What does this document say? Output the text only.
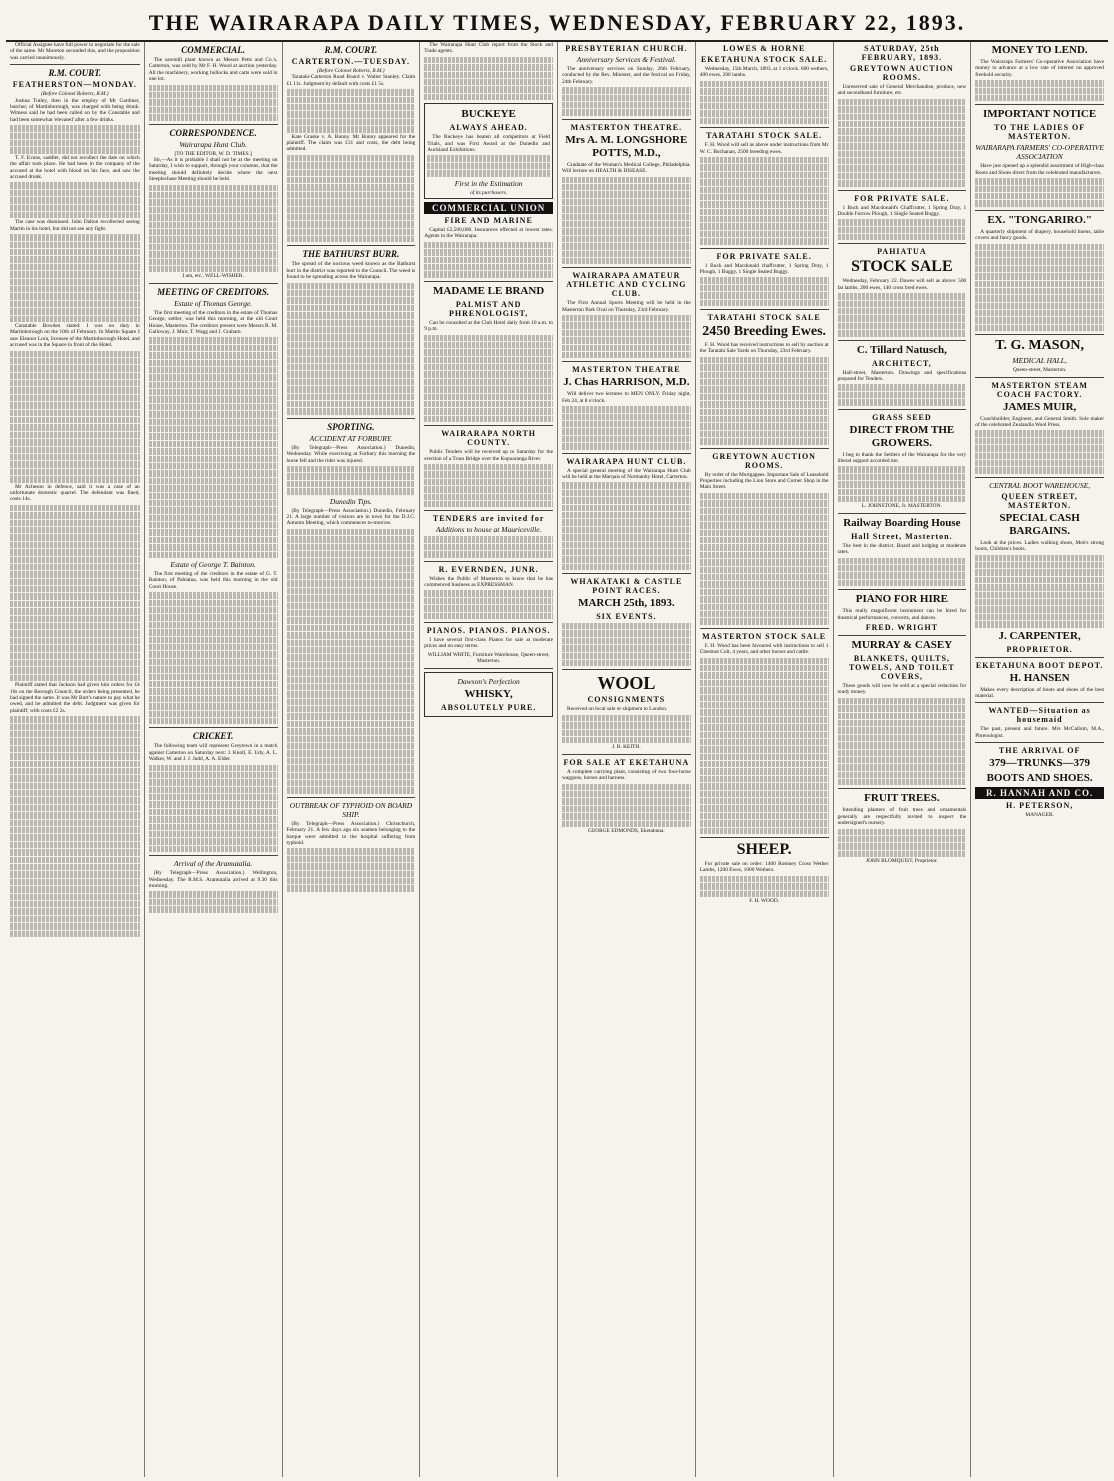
THE WAIRARAPA DAILY TIMES, WEDNESDAY, FEBRUARY 22, 1893.

Official Assignee have full power to negotiate for the sale of the same. Mr Moreton seconded this, and the proposition was carried unanimously.

R.M. COURT.
FEATHERSTON—MONDAY.
(Before Colonel Roberts, R.M.)

Joshua Tutley, then in the employ of Mr Gardiner, butcher, of Martinborough, was charged with being drunk. Witness said he had been called on by the Constable and had been somewhat 'elevated' after a few drinks.

T. F. Evans, saddler, did not recollect the date on which the affair took place. He had been in the company of the accused at the hotel with blood on his face, and saw the accused drunk.

The case was dismissed. John Dalton recollected seeing Martin in his hotel, but did not see any fight.

Constable Bowden stated: I was on duty in Martinborough on the 10th of February. In Martin Square I saw Eleanor Lora, licensee of the Martinborough Hotel, and accused was in the Square in front of the Hotel.

Mr Acheson in defence, said it was a case of an unfortunate domestic quarrel. The defendant was fined, costs 14s.

Plaintiff stated that Jackson had given him orders for £4 10s on the Borough Council, the orders being presented, he had signed the same. It was Mr Burt's nature to pay what he owed, and he admitted the debt. Judgment was given for plaintiff, with costs £2 2s.

COMMERCIAL.

The sawmill plant known as Messrs Petts and Co.'s, Carterton, was sold by Mr F. H. Wood at auction yesterday. All the machinery, working bullocks and carts were sold in one lot.

CORRESPONDENCE.
Wairarapa Hunt Club.
[TO THE EDITOR, W. D. TIMES.]

Sir,—As it is probable I shall not be at the meeting on Saturday, I wish to support, through your columns, that the meeting should definitely decide where the next Steeplechase Meeting should be held.

I am, etc., WELL-WISHER.
MEETING OF CREDITORS.
Estate of Thomas George.

The first meeting of the creditors in the estate of Thomas George, settler, was held this morning, at the old Court House, Masterton. The creditors present were Messrs R. M. Galloway, J. Muir, T. Wagg and J. Graham.

Estate of George T. Bainton.

The first meeting of the creditors in the estate of G. T. Bainton, of Pahiatua, was held this morning in the old Court House.

CRICKET.

The following team will represent Greytown in a match against Carterton on Saturday next: J. Knoll, E. Udy, A. L. Walker, W. and J. J. Judd, A. A. Elder.

Arrival of the Aramutalia.

(By Telegraph—Press Association.) Wellington, Wednesday. The R.M.S. Aramutalia arrived at 9.30 this morning.

R.M. COURT.
CARTERTON.—TUESDAY.
(Before Colonel Roberts, R.M.)

Taratahi-Carterton Road Board v. Walter Stanley. Claim £1 11s. Judgment by default with costs £1 5s.

Kate Graske v. A. Bunny. Mr Bunny appeared for the plaintiff. The claim was £31 and costs, the debt being admitted.

THE BATHURST BURR.

The spread of the noxious weed known as the Bathurst burr in the district was reported to the Council. The weed is found to be spreading across the Wairarapa.

SPORTING.
ACCIDENT AT FORBURY.

(By Telegraph—Press Association.) Dunedin, Wednesday. While exercising at Forbury this morning the horse fell and the rider was injured.

Dunedin Tips.

(By Telegraph—Press Association.) Dunedin, February 21. A large number of visitors are in town for the D.J.C. Autumn Meeting, which commences to-morrow.

OUTBREAK OF TYPHOID ON BOARD SHIP.

(By Telegraph—Press Association.) Christchurch, February 21. A few days ago six seamen belonging to the barque were admitted to the hospital suffering from typhoid.

The Wairarapa Hunt Club report from the Stock and Trade agents.

BUCKEYE
ALWAYS AHEAD.

The Buckeye has beaten all competitors at Field Trials, and was First Award at the Dunedin and Auckland Exhibitions.

First in the Estimation
of its purchasers.
COMMERCIAL UNION
FIRE AND MARINE

Capital £2,500,000. Insurances effected at lowest rates. Agents in the Wairarapa.

MADAME LE BRAND
PALMIST AND PHRENOLOGIST,

Can be consulted at the Club Hotel daily from 10 a.m. to 9 p.m.

WAIRARAPA NORTH COUNTY.

Public Tenders will be received up to Saturday for the erection of a Truss Bridge over the Kopuaranga River.

TENDERS are invited for
Additions to house at Mauriceville.
R. EVERNDEN, JUNR.

Wishes the Public of Masterton to know that he has commenced business as EXPRESSMAN.

PIANOS. PIANOS. PIANOS.

I have several first-class Pianos for sale at moderate prices and on easy terms.

WILLIAM WHITE, Furniture Warehouse, Queen-street, Masterton.
Dawson's Perfection
WHISKY,
ABSOLUTELY PURE.
PRESBYTERIAN CHURCH.
Anniversary Services & Festival.

The anniversary services on Sunday, 26th February, conducted by the Rev. Minister, and the festival on Friday, 24th February.

MASTERTON THEATRE.
Mrs A. M. LONGSHORE POTTS, M.D.,

Graduate of the Woman's Medical College, Philadelphia. Will lecture on HEALTH & DISEASE.

WAIRARAPA AMATEUR ATHLETIC AND CYCLING CLUB.

The First Annual Sports Meeting will be held in the Masterton Park Oval on Thursday, 23rd February.

MASTERTON THEATRE
J. Chas HARRISON, M.D.

Will deliver two lectures to MEN ONLY. Friday night, Feb 24, at 8 o'clock.

WAIRARAPA HUNT CLUB.

A special general meeting of the Wairarapa Hunt Club will be held at the Marquis of Normanby Hotel, Carterton.

WHAKATAKI & CASTLE POINT RACES.
MARCH 25th, 1893.
SIX EVENTS.
WOOL
CONSIGNMENTS

Received on local sale or shipment to London.

J. B. KEITH.
FOR SALE AT EKETAHUNA

A complete carrying plant, consisting of two four-horse waggons, horses and harness.

GEORGE EDMONDS, Eketahuna.
LOWES & HORNE
EKETAHUNA STOCK SALE.

Wednesday, 15th March, 1893, at 1 o'clock. 600 wethers, 400 ewes, 200 lambs.

TARATAHI STOCK SALE.

F. H. Wood will sell as above under instructions from Mr W. C. Buchanan, 2500 breeding ewes.

FOR PRIVATE SALE.

1 Buck and Macdonald chaffcutter, 1 Spring Dray, 1 Plough, 1 Buggy, 1 Single Seated Buggy.

TARATAHI STOCK SALE
2450 Breeding Ewes.

F. H. Wood has received instructions to sell by auction at the Taratahi Sale Yards on Thursday, 23rd February.

GREYTOWN AUCTION ROOMS.

By order of the Mortgagees. Important Sale of Leasehold Properties including the Lion Store and Corner Shop in the Main Street.

MASTERTON STOCK SALE

F. H. Wood has been favoured with instructions to sell 1 Chestnut Colt, 4 years, and other horses and cattle.

SHEEP.

For private sale on order: 1400 Romney Cross Wether Lambs, 1200 Ewes, 1000 Wethers.

F. H. WOOD.
SATURDAY, 25th FEBRUARY, 1893.
GREYTOWN AUCTION ROOMS.

Unreserved sale of General Merchandise, produce, new and secondhand furniture, etc.

FOR PRIVATE SALE.

1 Buck and Macdonald's Chaffcutter, 1 Spring Dray, 1 Double Furrow Plough, 1 Single Seated Buggy.

PAHIATUA
STOCK SALE

Wednesday, February 22. Dawes will sell as above: 500 fat lambs, 200 ewes, 140 cross bred ewes.

C. Tillard Natusch,
ARCHITECT,

Hall-street, Masterton. Drawings and specifications prepared for Tenders.

GRASS SEED
DIRECT FROM THE GROWERS.

I beg to thank the Settlers of the Wairarapa for the very liberal support accorded me.

L. JOHNSTONE, Jr. MASTERTON.
Railway Boarding House
Hall Street, Masterton.

The best in the district. Board and lodging at moderate rates.

PIANO FOR HIRE

This really magnificent instrument can be hired for theatrical performances, concerts, and dances.

FRED. WRIGHT
MURRAY & CASEY
BLANKETS, QUILTS, TOWELS, AND TOILET COVERS,

These goods will now be sold at a special reduction for ready money.

FRUIT TREES.

Intending planters of fruit trees and ornamentals generally are respectfully invited to inspect the undersigned's nursery.

JOHN BLOMQUIST, Proprietor.
MONEY TO LEND.

The Wairarapa Farmers' Co-operative Association have money to advance at a low rate of interest on approved freehold security.

IMPORTANT NOTICE
TO THE LADIES OF MASTERTON.
WAIRARAPA FARMERS' CO-OPERATIVE ASSOCIATION

Have just opened up a splendid assortment of High-class Boots and Shoes direct from the celebrated manufacturers.

EX. "TONGARIRO."

A quarterly shipment of drapery, household linens, table covers and fancy goods.

T. G. MASON,
MEDICAL HALL,
Queen-street, Masterton.
MASTERTON STEAM COACH FACTORY.
JAMES MUIR,

Coachbuilder, Engineer, and General Smith. Sole maker of the celebrated Zealandia Wool Press.

CENTRAL BOOT WAREHOUSE,
QUEEN STREET, MASTERTON.
SPECIAL CASH BARGAINS.

Look at the prices. Ladies walking shoes, Men's strong boots, Children's boots.

J. CARPENTER,
PROPRIETOR.
EKETAHUNA BOOT DEPOT.
H. HANSEN

Makes every description of boots and shoes of the best material.

WANTED—Situation as housemaid

The past, present and future. Mrs McCallum, M.A., Phrenologist.

THE ARRIVAL OF
379—TRUNKS—379
BOOTS AND SHOES.
R. HANNAH AND CO.
H. PETERSON,
MANAGER.
